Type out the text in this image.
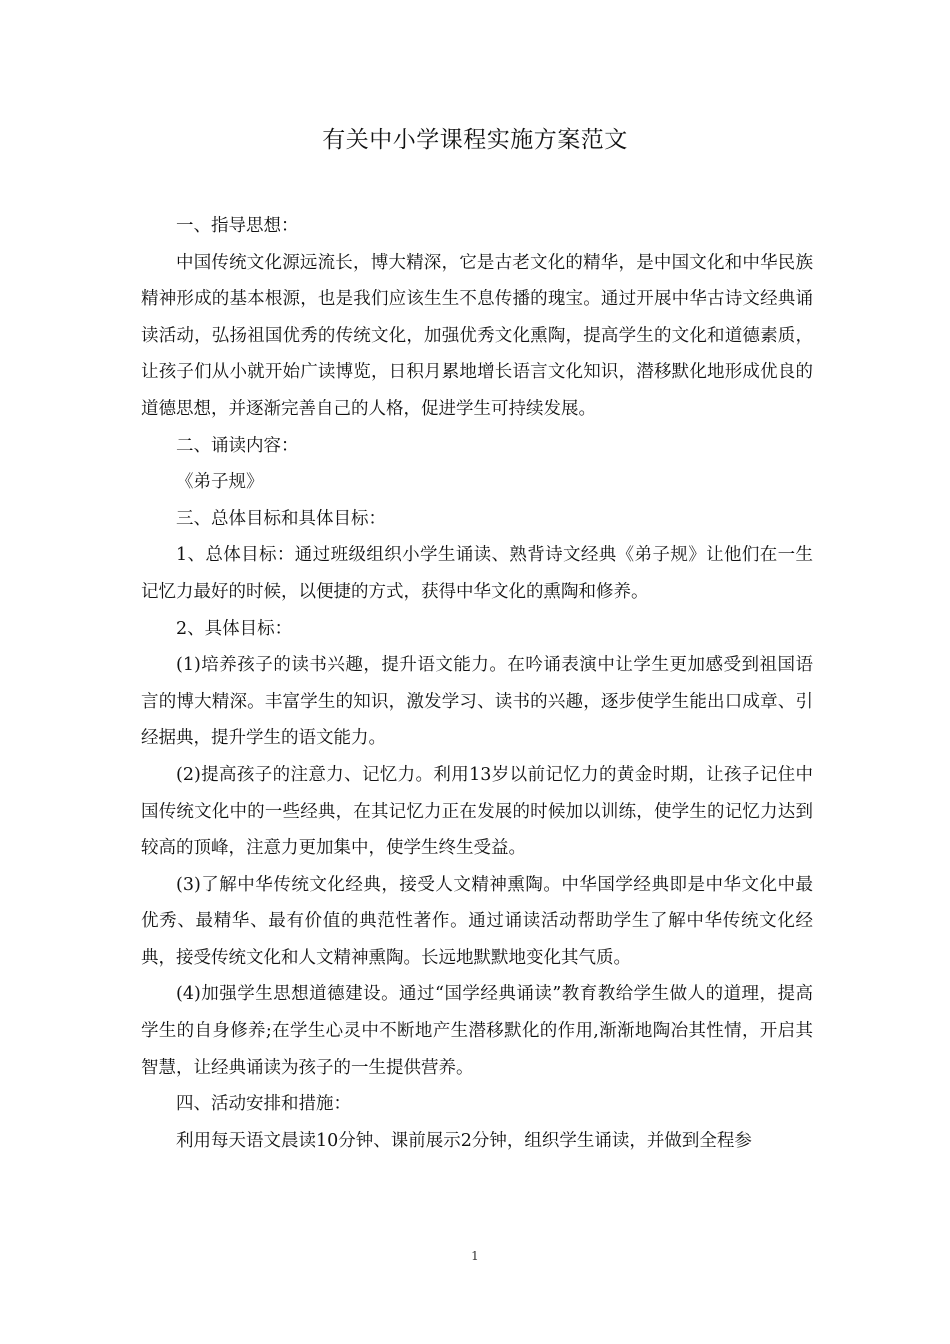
有关中小学课程实施方案范文

一、指导思想：

中国传统文化源远流长，博大精深，它是古老文化的精华，是中国文化和中华民族精神形成的基本根源，也是我们应该生生不息传播的瑰宝。通过开展中华古诗文经典诵读活动，弘扬祖国优秀的传统文化，加强优秀文化熏陶，提高学生的文化和道德素质，让孩子们从小就开始广读博览，日积月累地增长语言文化知识，潜移默化地形成优良的道德思想，并逐渐完善自己的人格，促进学生可持续发展。

二、诵读内容：

《弟子规》

三、总体目标和具体目标：

1、总体目标：通过班级组织小学生诵读、熟背诗文经典《弟子规》让他们在一生记忆力最好的时候，以便捷的方式，获得中华文化的熏陶和修养。

2、具体目标：

(1)培养孩子的读书兴趣，提升语文能力。在吟诵表演中让学生更加感受到祖国语言的博大精深。丰富学生的知识，激发学习、读书的兴趣，逐步使学生能出口成章、引经据典，提升学生的语文能力。

(2)提高孩子的注意力、记忆力。利用13岁以前记忆力的黄金时期，让孩子记住中国传统文化中的一些经典，在其记忆力正在发展的时候加以训练，使学生的记忆力达到较高的顶峰，注意力更加集中，使学生终生受益。

(3)了解中华传统文化经典，接受人文精神熏陶。中华国学经典即是中华文化中最优秀、最精华、最有价值的典范性著作。通过诵读活动帮助学生了解中华传统文化经典，接受传统文化和人文精神熏陶。长远地默默地变化其气质。

(4)加强学生思想道德建设。通过“国学经典诵读”教育教给学生做人的道理，提高学生的自身修养;在学生心灵中不断地产生潜移默化的作用,渐渐地陶冶其性情，开启其智慧，让经典诵读为孩子的一生提供营养。

四、活动安排和措施：

利用每天语文晨读10分钟、课前展示2分钟，组织学生诵读，并做到全程参

1
